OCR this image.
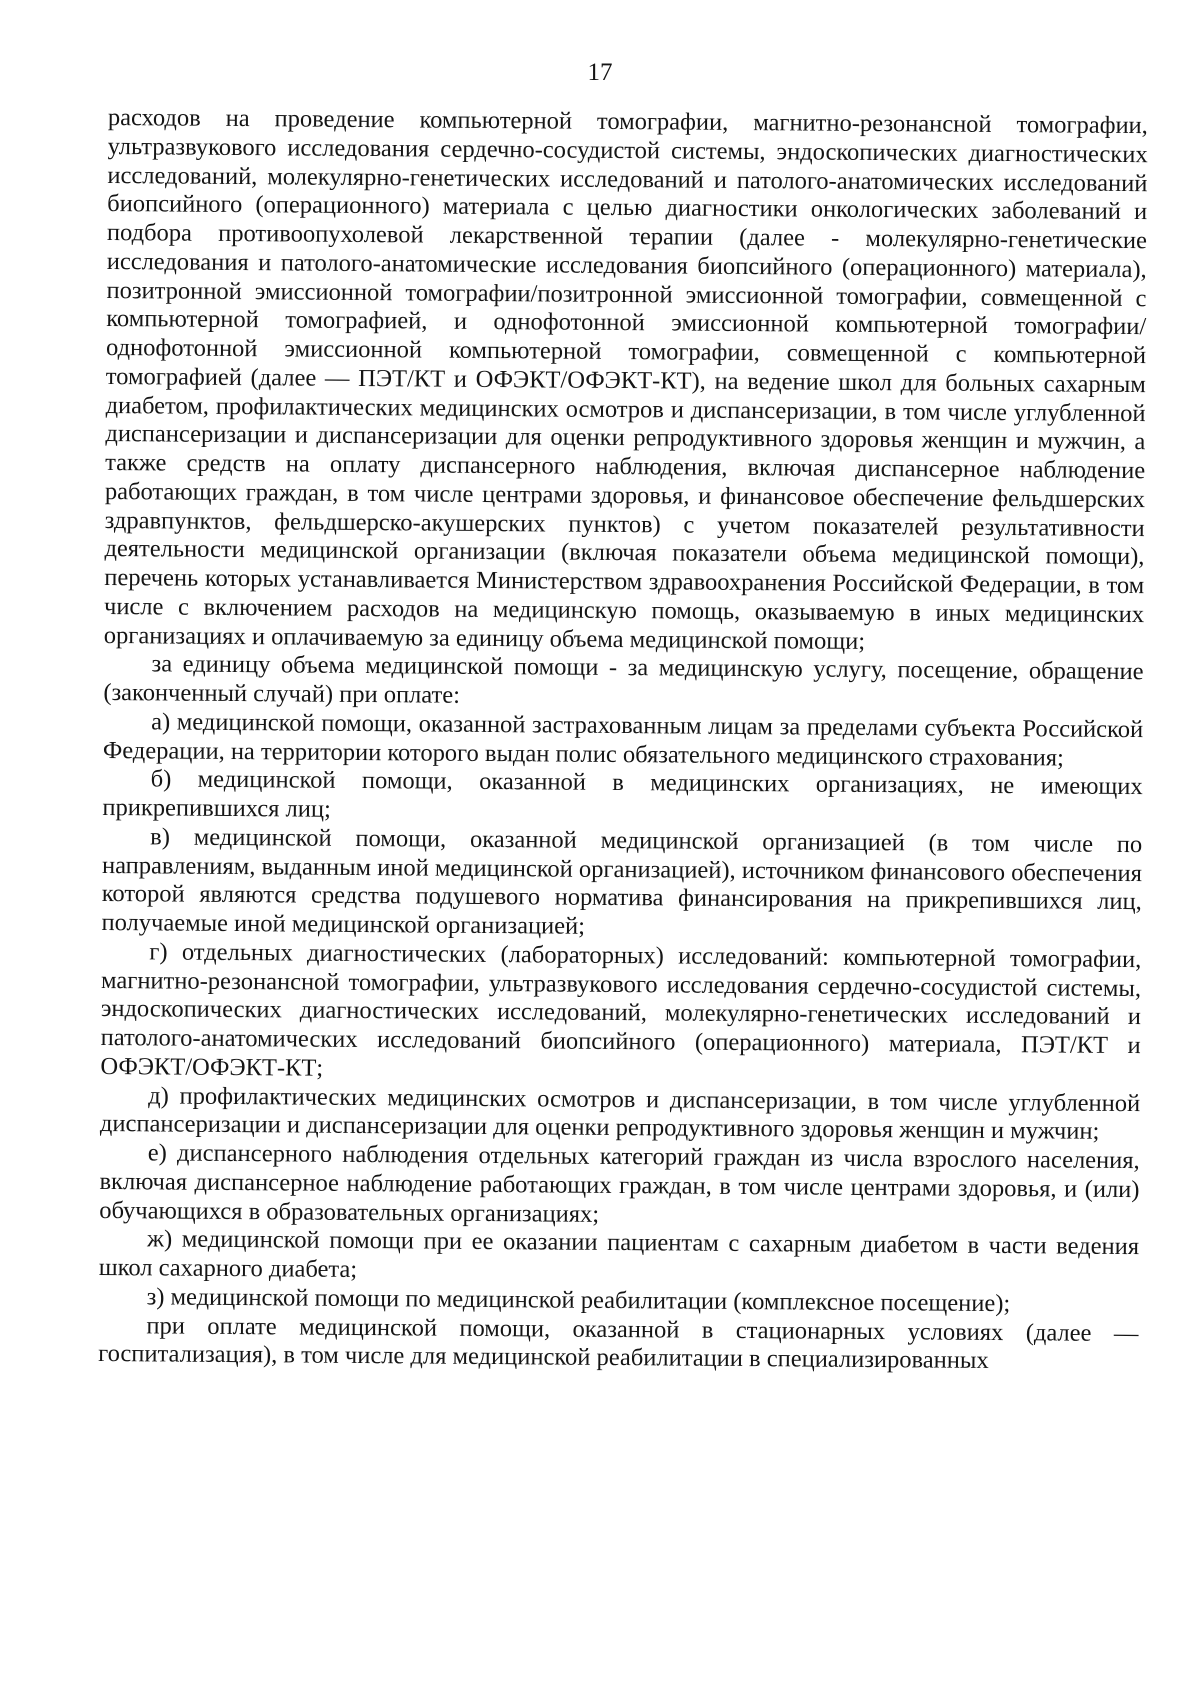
17

расходов на проведение компьютерной томографии, магнитно-резонансной томографии, ультразвукового исследования сердечно-сосудистой системы, эндоскопических диагностических исследований, молекулярно-генетических исследований и патолого-анатомических исследований биопсийного (операционного) материала с целью диагностики онкологических заболеваний и подбора противоопухолевой лекарственной терапии (далее - молекулярно-генетические исследования и патолого-анатомические исследования биопсийного (операционного) материала), позитронной эмиссионной томографии/позитронной эмиссионной томографии, совмещенной с компьютерной томографией, и однофотонной эмиссионной компьютерной томографии/однофотонной эмиссионной компьютерной томографии, совмещенной с компьютерной томографией (далее — ПЭТ/КТ и ОФЭКТ/ОФЭКТ-КТ), на ведение школ для больных сахарным диабетом, профилактических медицинских осмотров и диспансеризации, в том числе углубленной диспансеризации и диспансеризации для оценки репродуктивного здоровья женщин и мужчин, а также средств на оплату диспансерного наблюдения, включая диспансерное наблюдение работающих граждан, в том числе центрами здоровья, и финансовое обеспечение фельдшерских здравпунктов, фельдшерско-акушерских пунктов) с учетом показателей результативности деятельности медицинской организации (включая показатели объема медицинской помощи), перечень которых устанавливается Министерством здравоохранения Российской Федерации, в том числе с включением расходов на медицинскую помощь, оказываемую в иных медицинских организациях и оплачиваемую за единицу объема медицинской помощи;

за единицу объема медицинской помощи - за медицинскую услугу, посещение, обращение (законченный случай) при оплате:

а) медицинской помощи, оказанной застрахованным лицам за пределами субъекта Российской Федерации, на территории которого выдан полис обязательного медицинского страхования;

б) медицинской помощи, оказанной в медицинских организациях, не имеющих прикрепившихся лиц;

в) медицинской помощи, оказанной медицинской организацией (в том числе по направлениям, выданным иной медицинской организацией), источником финансового обеспечения которой являются средства подушевого норматива финансирования на прикрепившихся лиц, получаемые иной медицинской организацией;

г) отдельных диагностических (лабораторных) исследований: компьютерной томографии, магнитно-резонансной томографии, ультразвукового исследования сердечно-сосудистой системы, эндоскопических диагностических исследований, молекулярно-генетических исследований и патолого-анатомических исследований биопсийного (операционного) материала, ПЭТ/КТ и ОФЭКТ/ОФЭКТ-КТ;

д) профилактических медицинских осмотров и диспансеризации, в том числе углубленной диспансеризации и диспансеризации для оценки репродуктивного здоровья женщин и мужчин;

е) диспансерного наблюдения отдельных категорий граждан из числа взрослого населения, включая диспансерное наблюдение работающих граждан, в том числе центрами здоровья, и (или) обучающихся в образовательных организациях;

ж) медицинской помощи при ее оказании пациентам с сахарным диабетом в части ведения школ сахарного диабета;

з) медицинской помощи по медицинской реабилитации (комплексное посещение);

при оплате медицинской помощи, оказанной в стационарных условиях (далее — госпитализация), в том числе для медицинской реабилитации в специализированных
